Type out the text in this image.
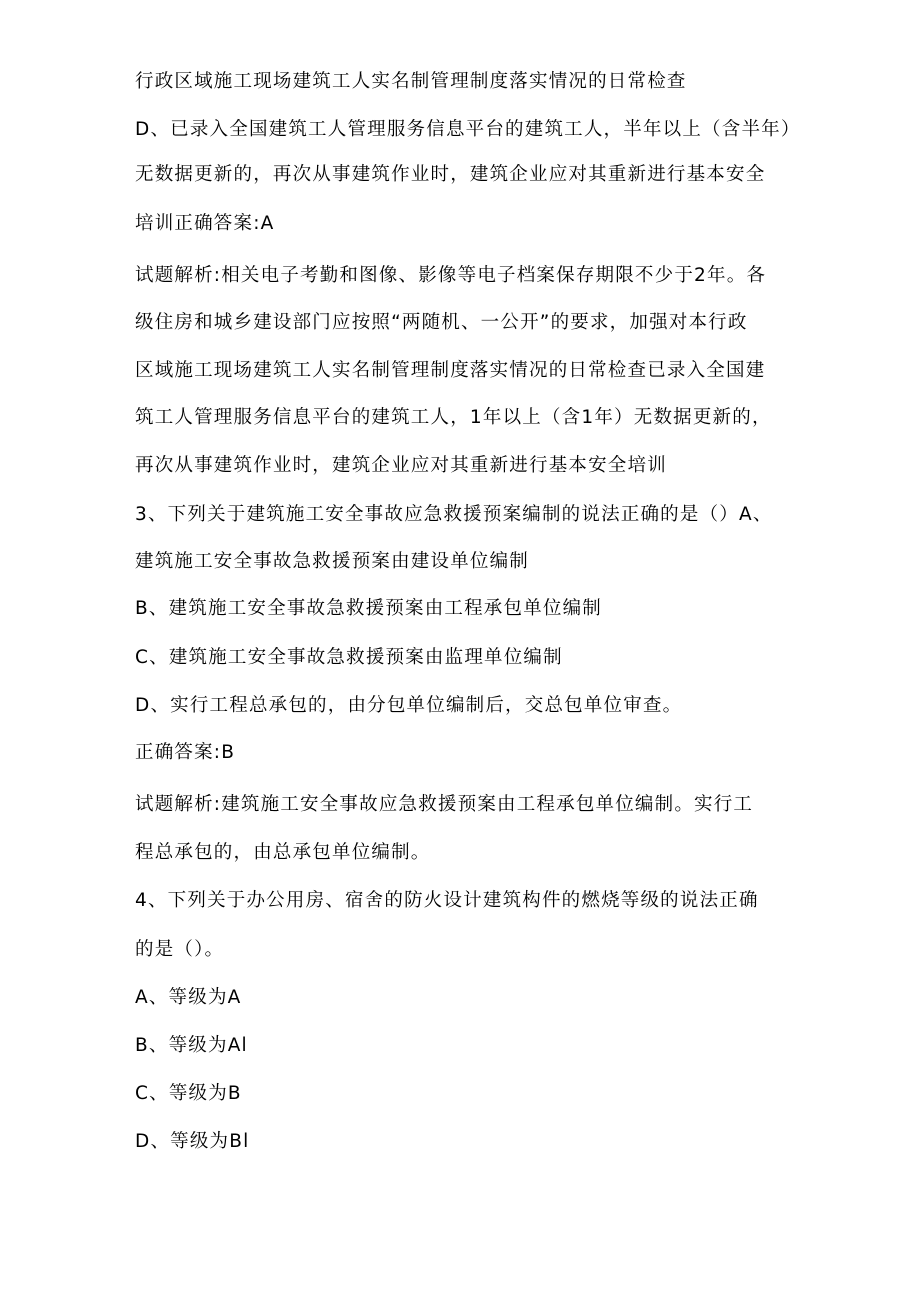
行政区域施工现场建筑工人实名制管理制度落实情况的日常检查
D、已录入全国建筑工人管理服务信息平台的建筑工人，半年以上（含半年）
无数据更新的，再次从事建筑作业时，建筑企业应对其重新进行基本安全
培训正确答案:A
试题解析:相关电子考勤和图像、影像等电子档案保存期限不少于2年。各
级住房和城乡建设部门应按照“两随机、一公开”的要求，加强对本行政
区域施工现场建筑工人实名制管理制度落实情况的日常检查已录入全国建
筑工人管理服务信息平台的建筑工人，1年以上（含1年）无数据更新的，
再次从事建筑作业时，建筑企业应对其重新进行基本安全培训
3、下列关于建筑施工安全事故应急救援预案编制的说法正确的是（）A、
建筑施工安全事故急救援预案由建设单位编制
B、建筑施工安全事故急救援预案由工程承包单位编制
C、建筑施工安全事故急救援预案由监理单位编制
D、实行工程总承包的，由分包单位编制后，交总包单位审查。
正确答案:B
试题解析:建筑施工安全事故应急救援预案由工程承包单位编制。实行工
程总承包的，由总承包单位编制。
4、下列关于办公用房、宿舍的防火设计建筑构件的燃烧等级的说法正确
的是（）。
A、等级为A
B、等级为Al
C、等级为B
D、等级为Bl
